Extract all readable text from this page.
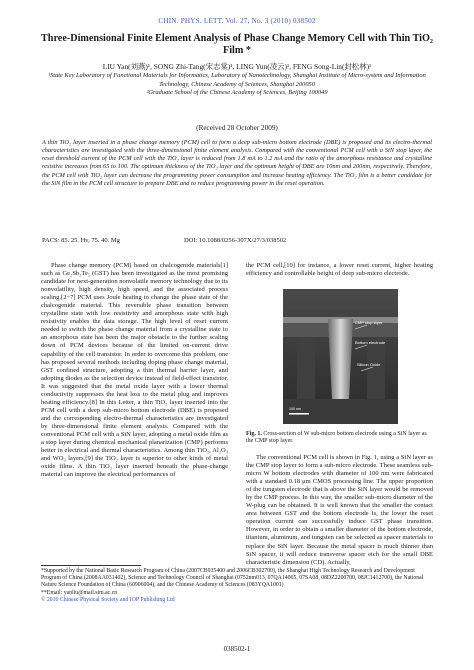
CHIN. PHYS. LETT. Vol. 27, No. 3 (2010) 038502
Three-Dimensional Finite Element Analysis of Phase Change Memory Cell with Thin TiO₂ Film *
LIU Yan(刘燕)¹, SONG Zhi-Tang(宋志棠)¹, LING Yun(凌云)¹, FENG Song-Lin(封松林)¹
¹State Key Laboratory of Functional Materials for Informatics, Laboratory of Nanotechnology, Shanghai Institute of Micro-system and Information Technology, Chinese Academy of Sciences, Shanghai 200050
²Graduate School of the Chinese Academy of Sciences, Beijing 100049
(Received 28 October 2009)
A thin TiO₂ layer inserted in a phase change memory (PCM) cell to form a deep sub-micro bottom electrode (DBE) is proposed and its electro-thermal characteristics are investigated with the three-dimensional finite element analysis. Compared with the conventional PCM cell with a SiN stop layer, the reset threshold current of the PCM cell with the TiO₂ layer is reduced from 1.8 mA to 1.2 mA and the ratio of the amorphous resistance and crystalline resistive increases from 65 to 100. The optimum thickness of the TiO₂ layer and the optimum height of DBE are 10nm and 200nm, respectively. Therefore, the PCM cell with TiO₂ layer can decrease the programming power consumption and increase heating efficiency. The TiO₂ film is a better candidate for the SiN film in the PCM cell structure to prepare DBE and to reduce programming power in the reset operation.
PACS: 85. 25. Hv, 75. 40. Mg	DOI: 10.1088/0256-307X/27/3/038502

Phase change memory (PCM) based on chalcogenide materials[1] such as Ge₂Sb₂Te₅ (GST) has been investigated as the most promising candidate for next-generation nonvolatile memory technology due to its nonvolatility, high density, high speed, and the associated process scaling.[2−7] PCM uses Joule heating to change the phase state of the chalcogenide material. This reversible phase transition between crystalline state with low resistivity and amorphous state with high resistivity enables the data storage. The high level of reset current needed to switch the phase change material from a crystalline state to an amorphous state has been the major obstacle to the further scaling down of PCM devices because of the limited on-current drive capability of the cell transistor. In order to overcome this problem, one has proposed several methods including doping phase change material, GST confined structure, adopting a thin thermal barrier layer, and adopting diodes as the selection device instead of field-effect transistor. It was suggested that the metal oxide layer with a lower thermal conductivity suppresses the heat loss to the metal plug and improves heating efficiency.[8] In this Letter, a thin TiO₂ layer inserted into the PCM cell with a deep sub-micro bottom electrode (DBE) is proposed and the corresponding electro-thermal characteristics are investigated by three-dimensional finite element analysis. Compared with the conventional PCM cell with a SiN layer, adopting a metal oxide film as a stop layer during chemical mechanical planarization (CMP) performs better in electrical and thermal characteristics. Among thin TiO₂, Al₂O₃ and WO₃ layers,[9] the TiO₂ layer is superior to other kinds of metal oxide films. A thin TiO₂ layer inserted beneath the phase-change material can improve the electrical performances of

the PCM cell,[10] for instance, a lower reset current, higher heating efficiency and controllable height of deep sub-micro electrode.

CMP stop layer
Bottom electrode
Silicon Oxide
100 nm
Fig. 1. Cross-section of W sub-micro bottom electrode using a SiN layer as the CMP stop layer.

The conventional PCM cell is shown in Fig. 1, using a SiN layer as the CMP stop layer to form a sub-micro electrode. These seamless sub-micro W bottom electrodes with diameter of 100 nm were fabricated with a standard 0.18 μm CMOS processing line. The upper proportion of the tungsten electrode that is above the SiN layer would be removed by the CMP process. In this way, the smaller sub-micro diameter of the W-plug can be obtained. It is well known that the smaller the contact area between GST and the bottom electrode is, the lower the reset operation current can successfully induce GST phase transition. However, in order to obtain a smaller diameter of the bottom electrode, titanium, aluminum, and tungsten can be selected as spacer materials to replace the SiN layer. Because the metal spacer is much thinner than SiN spacer, it will reduce transverse spacer etch for the small DBE characteristic dimension (CD). Actually,

*Supported by the National Basic Research Program of China (2007CB935400 and 2006CB302700), the Shanghai High Technology Research and Development Program of China (2008AA031402), Science and Technology Council of Shanghai (0752nm013, 07QA14065, 07SA08, 08DZ2200700, 08JC1412700), the National Nature Science Foundation of China (60906004), and the Chinese Academy of Sciences (083YQA1001)
**Email: yanliu@mail.sim.ac.cn
© 2010 Chinese Physical Society and IOP Publishing Ltd
038502-1
